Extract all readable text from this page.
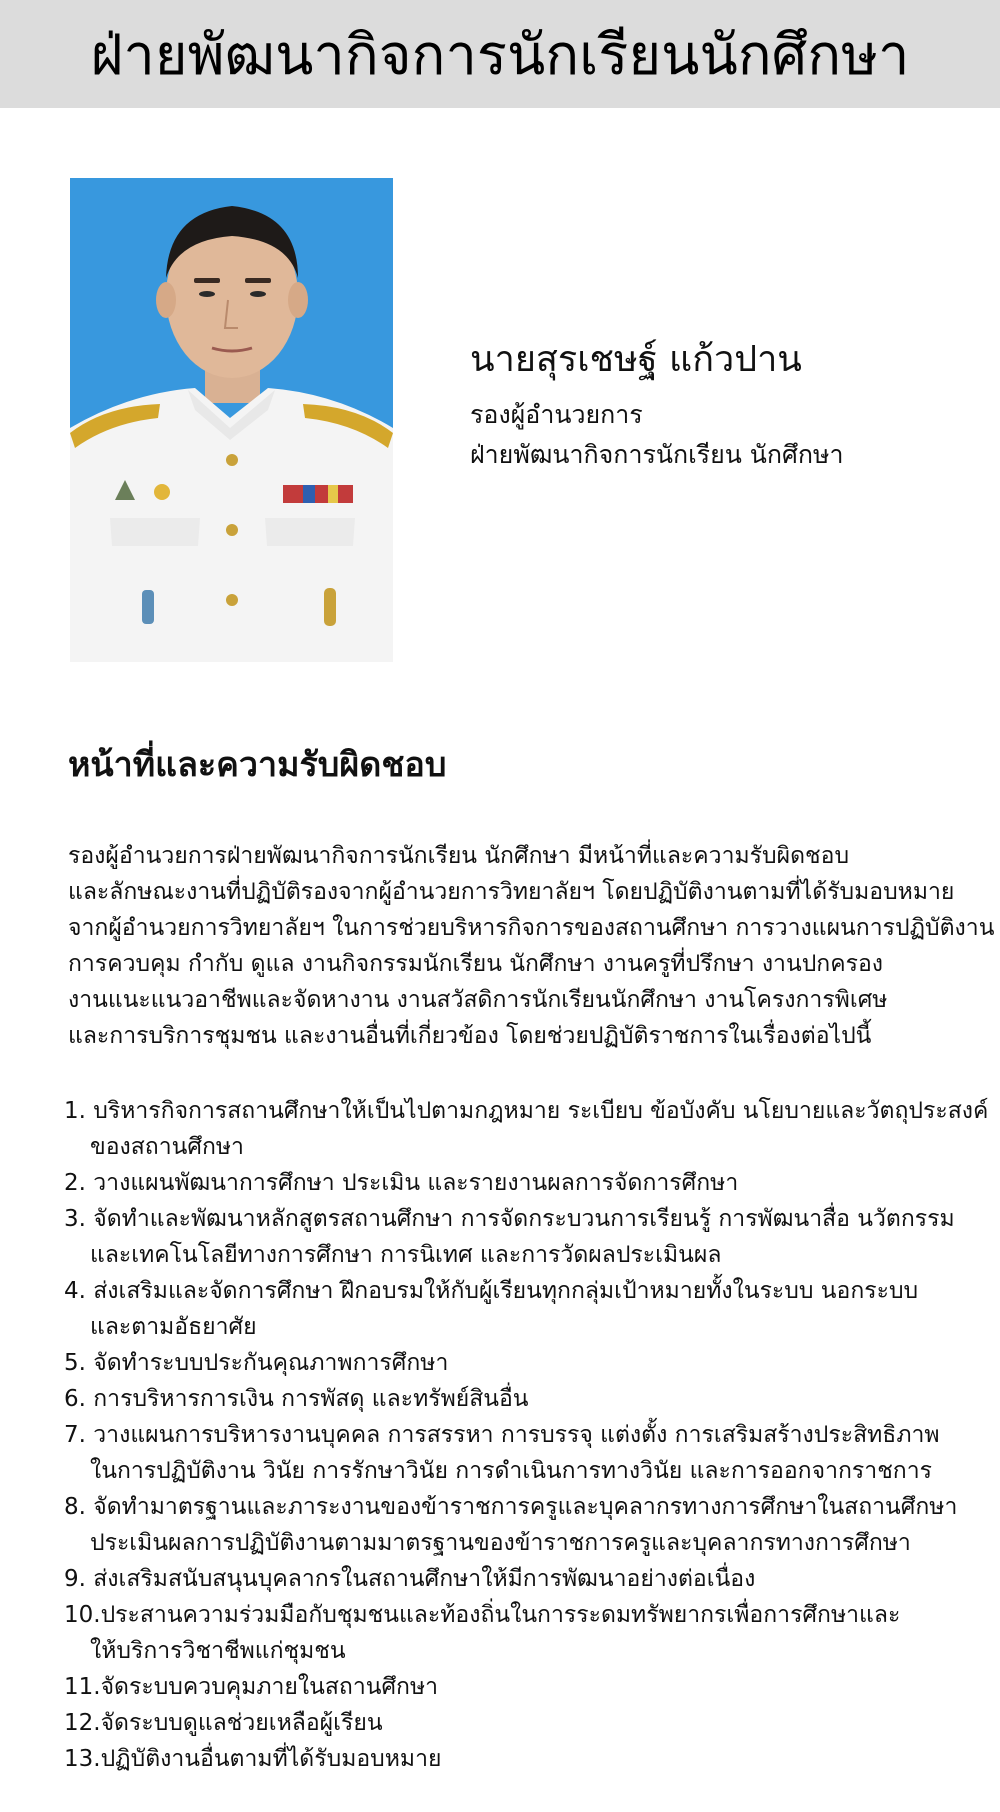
ฝ่ายพัฒนากิจการนักเรียนนักศึกษา
นายสุรเชษฐ์ แก้วปาน
รองผู้อำนวยการ
ฝ่ายพัฒนากิจการนักเรียน นักศึกษา
หน้าที่และความรับผิดชอบ

รองผู้อำนวยการฝ่ายพัฒนากิจการนักเรียน นักศึกษา มีหน้าที่และความรับผิดชอบ

และลักษณะงานที่ปฏิบัติรองจากผู้อำนวยการวิทยาลัยฯ โดยปฏิบัติงานตามที่ได้รับมอบหมาย

จากผู้อำนวยการวิทยาลัยฯ ในการช่วยบริหารกิจการของสถานศึกษา การวางแผนการปฏิบัติงาน

การควบคุม กำกับ ดูแล งานกิจกรรมนักเรียน นักศึกษา งานครูที่ปรึกษา งานปกครอง

งานแนะแนวอาชีพและจัดหางาน งานสวัสดิการนักเรียนนักศึกษา งานโครงการพิเศษ

และการบริการชุมชน และงานอื่นที่เกี่ยวข้อง โดยช่วยปฏิบัติราชการในเรื่องต่อไปนี้

1. บริหารกิจการสถานศึกษาให้เป็นไปตามกฎหมาย ระเบียบ ข้อบังคับ นโยบายและวัตถุประสงค์
ของสถานศึกษา
2. วางแผนพัฒนาการศึกษา ประเมิน และรายงานผลการจัดการศึกษา
3. จัดทำและพัฒนาหลักสูตรสถานศึกษา การจัดกระบวนการเรียนรู้ การพัฒนาสื่อ นวัตกรรม
และเทคโนโลยีทางการศึกษา การนิเทศ และการวัดผลประเมินผล
4. ส่งเสริมและจัดการศึกษา ฝึกอบรมให้กับผู้เรียนทุกกลุ่มเป้าหมายทั้งในระบบ นอกระบบ
และตามอัธยาศัย
5. จัดทำระบบประกันคุณภาพการศึกษา
6. การบริหารการเงิน การพัสดุ และทรัพย์สินอื่น
7. วางแผนการบริหารงานบุคคล การสรรหา การบรรจุ แต่งตั้ง การเสริมสร้างประสิทธิภาพ
ในการปฏิบัติงาน วินัย การรักษาวินัย การดำเนินการทางวินัย และการออกจากราชการ
8. จัดทำมาตรฐานและภาระงานของข้าราชการครูและบุคลากรทางการศึกษาในสถานศึกษา
ประเมินผลการปฏิบัติงานตามมาตรฐานของข้าราชการครูและบุคลากรทางการศึกษา
9. ส่งเสริมสนับสนุนบุคลากรในสถานศึกษาให้มีการพัฒนาอย่างต่อเนื่อง
10.ประสานความร่วมมือกับชุมชนและท้องถิ่นในการระดมทรัพยากรเพื่อการศึกษาและ
ให้บริการวิชาชีพแก่ชุมชน
11.จัดระบบควบคุมภายในสถานศึกษา
12.จัดระบบดูแลช่วยเหลือผู้เรียน
13.ปฏิบัติงานอื่นตามที่ได้รับมอบหมาย
